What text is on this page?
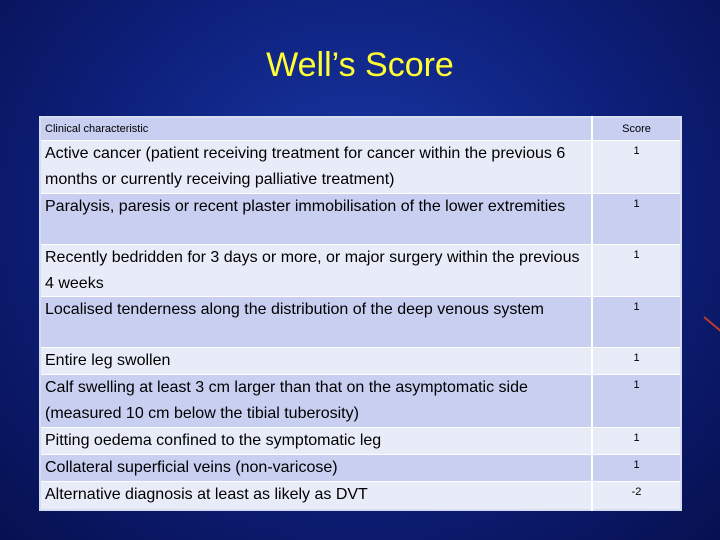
Well’s Score
Clinical characteristic	Score
Active cancer (patient receiving treatment for cancer within the previous 6 months or currently receiving palliative treatment)	1
Paralysis, paresis or recent plaster immobilisation of the lower extremities	1
Recently bedridden for 3 days or more, or major surgery within the previous 4 weeks	1
Localised tenderness along the distribution of the deep venous system	1
Entire leg swollen	1
Calf swelling at least 3 cm larger than that on the asymptomatic side (measured 10 cm below the tibial tuberosity)	1
Pitting oedema confined to the symptomatic leg	1
Collateral superficial veins (non-varicose)	1
Alternative diagnosis at least as likely as DVT	-2
